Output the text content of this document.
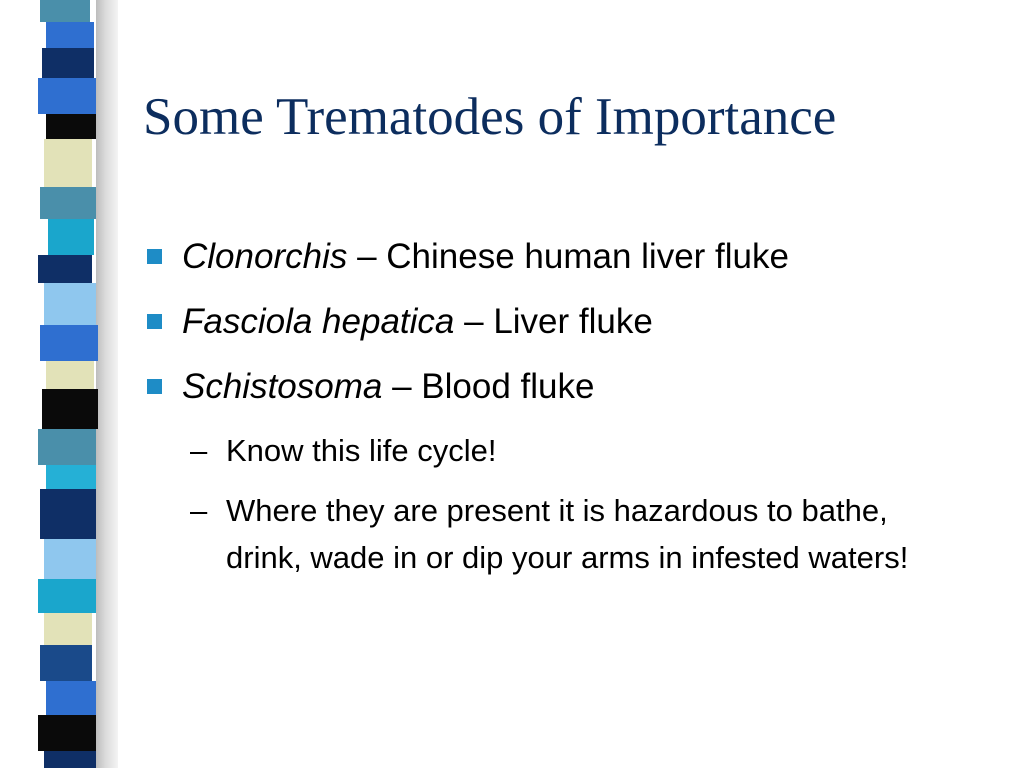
Some Trematodes of Importance
Clonorchis – Chinese human liver fluke
Fasciola hepatica – Liver fluke
Schistosoma – Blood fluke
– Know this life cycle!
– Where they are present it is hazardous to bathe, drink, wade in or dip your arms in infested waters!
